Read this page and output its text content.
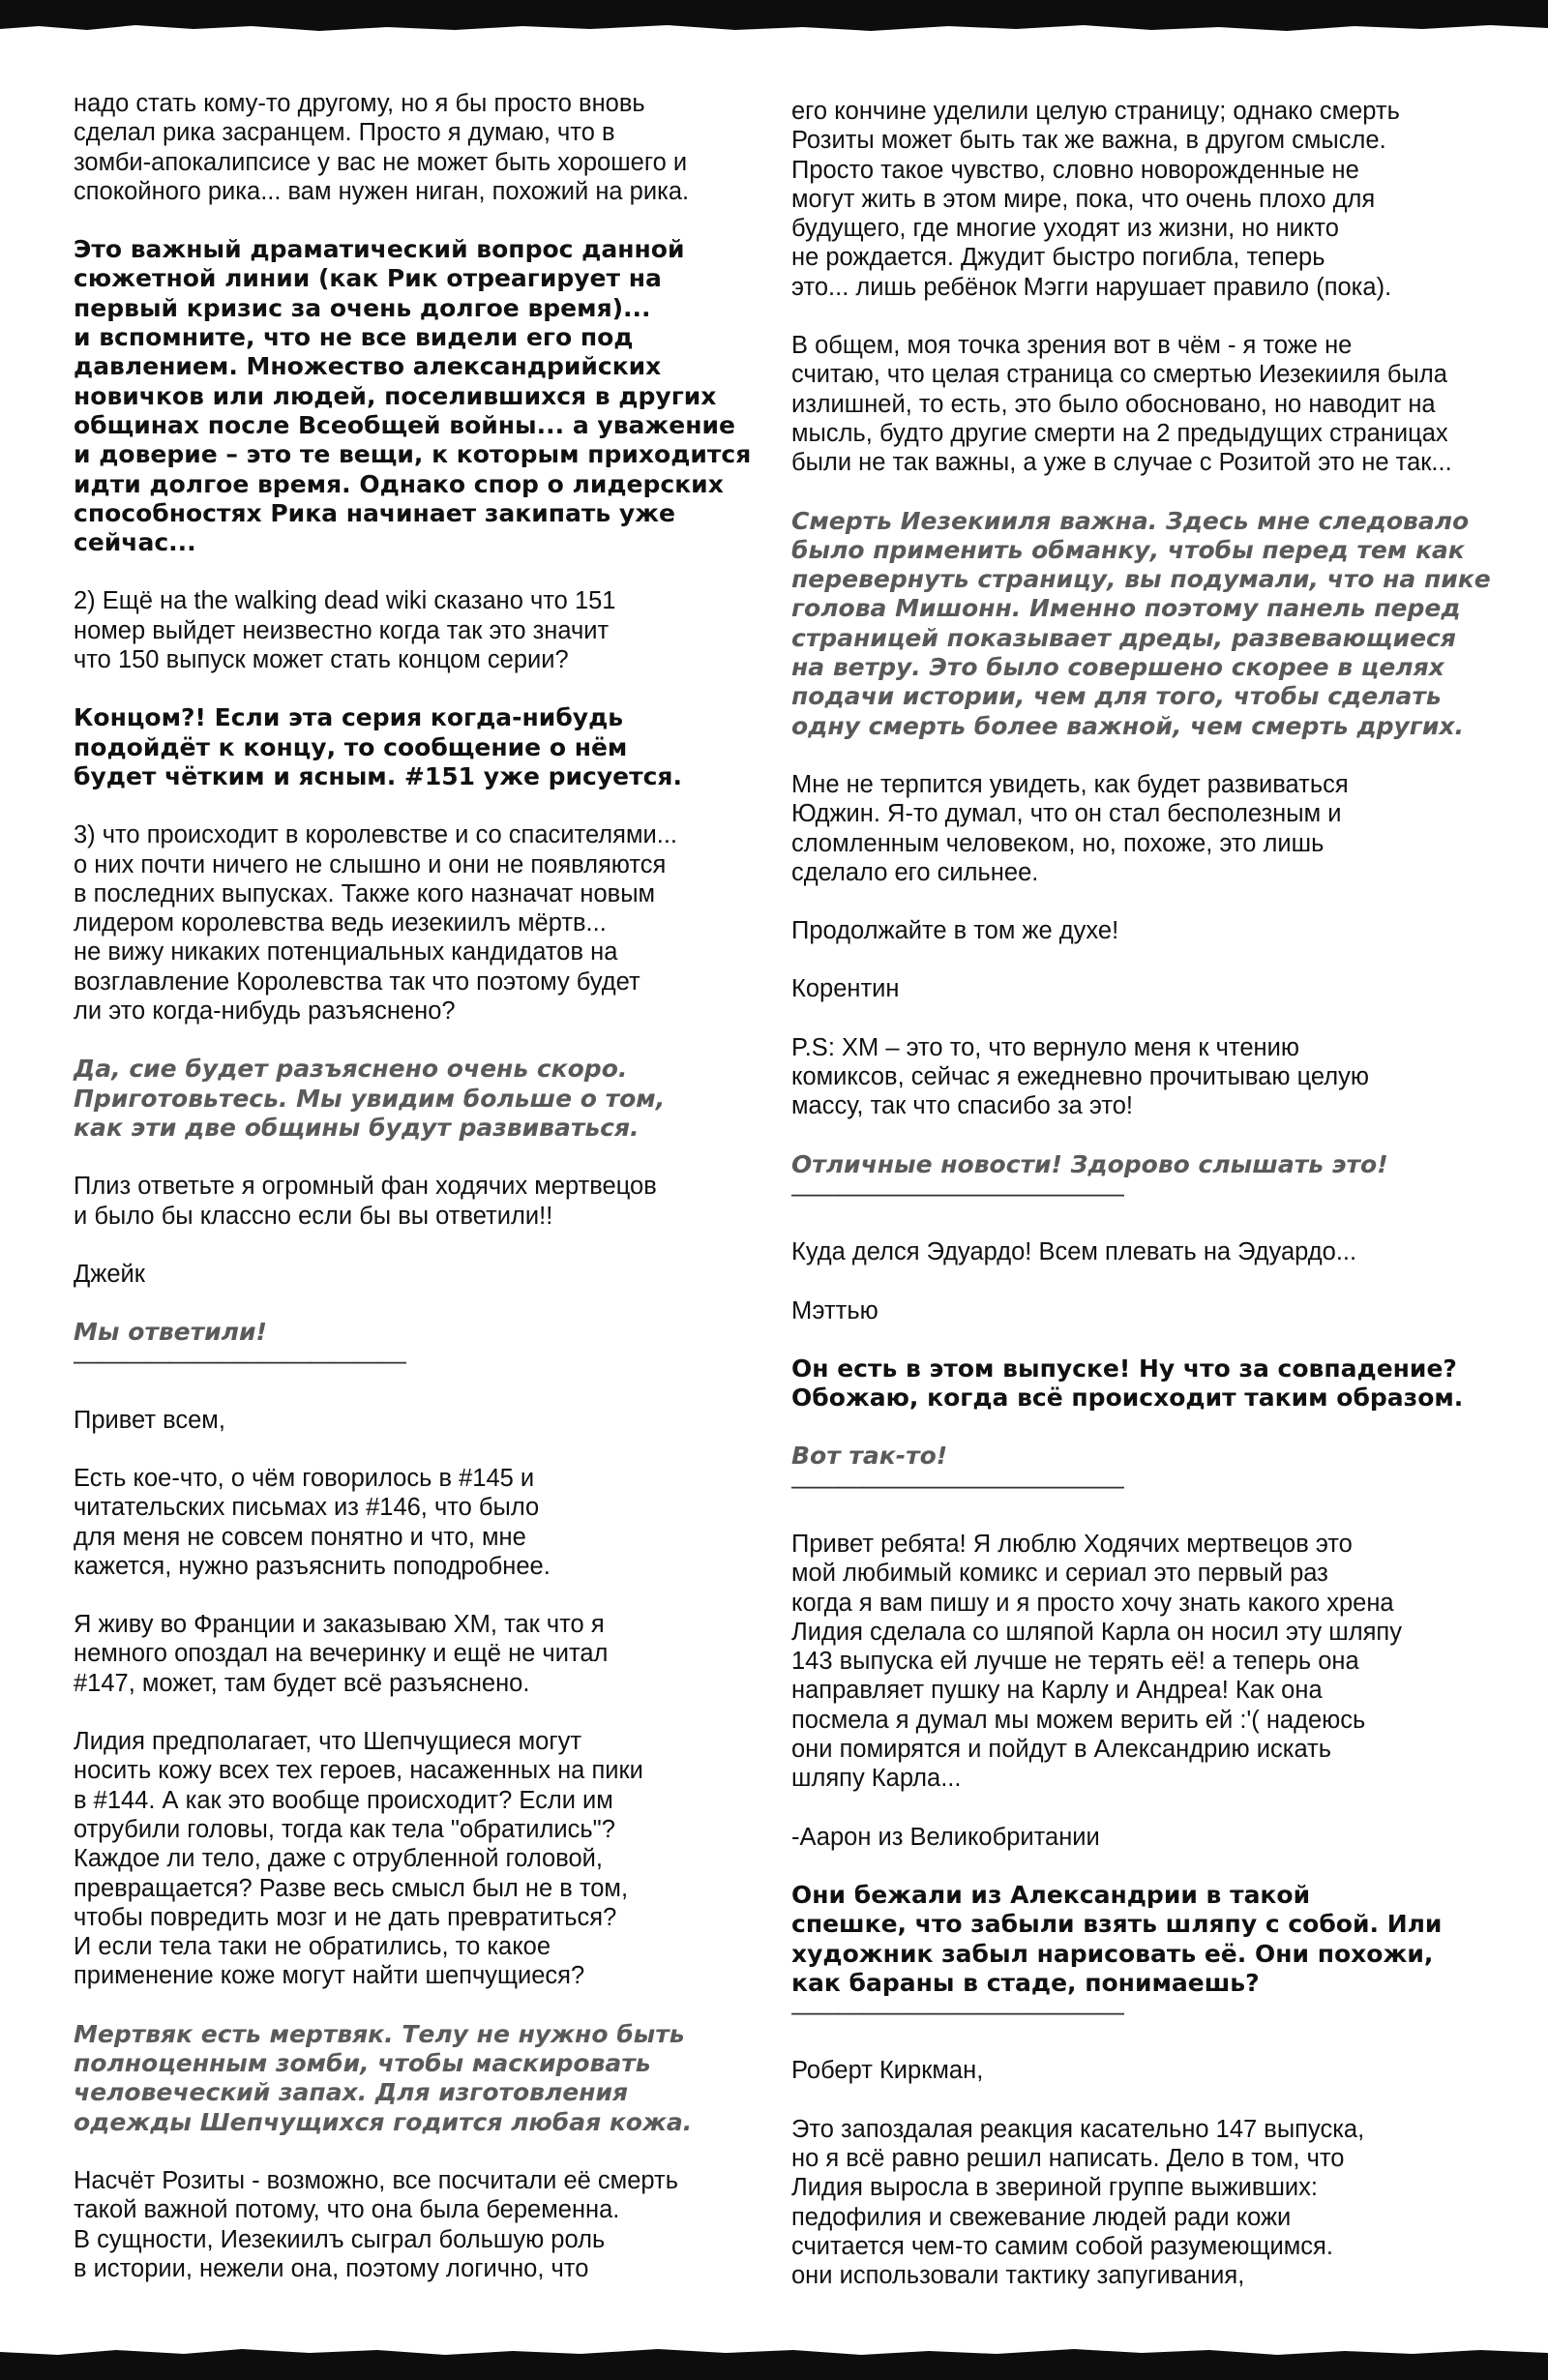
надо стать кому-то другому, но я бы просто вновь
сделал рика засранцем. Просто я думаю, что в
зомби-апокалипсисе у вас не может быть хорошего и
спокойного рика... вам нужен ниган, похожий на рика.

Это важный драматический вопрос данной
сюжетной линии (как Рик отреагирует на
первый кризис за очень долгое время)...
и вспомните, что не все видели его под
давлением. Множество александрийских
новичков или людей, поселившихся в других
общинах после Всеобщей войны... а уважение
и доверие – это те вещи, к которым приходится
идти долгое время. Однако спор о лидерских
способностях Рика начинает закипать уже
сейчас...

2) Ещё на the walking dead wiki сказано что 151
номер выйдет неизвестно когда так это значит
что 150 выпуск может стать концом серии?

Концом?! Если эта серия когда-нибудь
подойдёт к концу, то сообщение о нём
будет чётким и ясным. #151 уже рисуется.

3) что происходит в королевстве и со спасителями...
о них почти ничего не слышно и они не появляются
в последних выпусках. Также кого назначат новым
лидером королевства ведь иезекиилъ мёртв...
не вижу никаких потенциальных кандидатов на
возглавление Королевства так что поэтому будет
ли это когда-нибудь разъяснено?

Да, сие будет разъяснено очень скоро.
Приготовьтесь. Мы увидим больше о том,
как эти две общины будут развиваться.

Плиз ответьте я огромный фан ходячих мертвецов
и было бы классно если бы вы ответили!!

Джейк

Мы ответили!

——————————————

Привет всем,

Есть кое-что, о чём говорилось в #145 и
читательских письмах из #146, что было
для меня не совсем понятно и что, мне
кажется, нужно разъяснить поподробнее.

Я живу во Франции и заказываю ХМ, так что я
немного опоздал на вечеринку и ещё не читал
#147, может, там будет всё разъяснено.

Лидия предполагает, что Шепчущиеся могут
носить кожу всех тех героев, насаженных на пики
в #144. А как это вообще происходит? Если им
отрубили головы, тогда как тела "обратились"?
Каждое ли тело, даже с отрубленной головой,
превращается? Разве весь смысл был не в том,
чтобы повредить мозг и не дать превратиться?
И если тела таки не обратились, то какое
применение коже могут найти шепчущиеся?

Мертвяк есть мертвяк. Телу не нужно быть
полноценным зомби, чтобы маскировать
человеческий запах. Для изготовления
одежды Шепчущихся годится любая кожа.

Насчёт Розиты - возможно, все посчитали её смерть
такой важной потому, что она была беременна.
В сущности, Иезекиилъ сыграл большую роль
в истории, нежели она, поэтому логично, что

его кончине уделили целую страницу; однако смерть
Розиты может быть так же важна, в другом смысле.
Просто такое чувство, словно новорожденные не
могут жить в этом мире, пока, что очень плохо для
будущего, где многие уходят из жизни, но никто
не рождается. Джудит быстро погибла, теперь
это... лишь ребёнок Мэгги нарушает правило (пока).

В общем, моя точка зрения вот в чём - я тоже не
считаю, что целая страница со смертью Иезекииля была
излишней, то есть, это было обосновано, но наводит на
мысль, будто другие смерти на 2 предыдущих страницах
были не так важны, а уже в случае с Розитой это не так...

Смерть Иезекииля важна. Здесь мне следовало
было применить обманку, чтобы перед тем как
перевернуть страницу, вы подумали, что на пике
голова Мишонн. Именно поэтому панель перед
страницей показывает дреды, развевающиеся
на ветру. Это было совершено скорее в целях
подачи истории, чем для того, чтобы сделать
одну смерть более важной, чем смерть других.

Мне не терпится увидеть, как будет развиваться
Юджин. Я-то думал, что он стал бесполезным и
сломленным человеком, но, похоже, это лишь
сделало его сильнее.

Продолжайте в том же духе!

Корентин

P.S: ХМ – это то, что вернуло меня к чтению
комиксов, сейчас я ежедневно прочитываю целую
массу, так что спасибо за это!

Отличные новости! Здорово слышать это!

——————————————

Куда делся Эдуардо! Всем плевать на Эдуардо...

Мэттью

Он есть в этом выпуске! Ну что за совпадение?
Обожаю, когда всё происходит таким образом.

Вот так-то!

——————————————

Привет ребята! Я люблю Ходячих мертвецов это
мой любимый комикс и сериал это первый раз
когда я вам пишу и я просто хочу знать какого хрена
Лидия сделала со шляпой Карла он носил эту шляпу
143 выпуска ей лучше не терять её! а теперь она
направляет пушку на Карлу и Андреа! Как она
посмела я думал мы можем верить ей :'( надеюсь
они помирятся и пойдут в Александрию искать
шляпу Карла...

-Аарон из Великобритании

Они бежали из Александрии в такой
спешке, что забыли взять шляпу с собой. Или
художник забыл нарисовать её. Они похожи,
как бараны в стаде, понимаешь?

——————————————

Роберт Киркман,

Это запоздалая реакция касательно 147 выпуска,
но я всё равно решил написать. Дело в том, что
Лидия выросла в звериной группе выживших:
педофилия и свежевание людей ради кожи
считается чем-то самим собой разумеющимся.
они использовали тактику запугивания,
